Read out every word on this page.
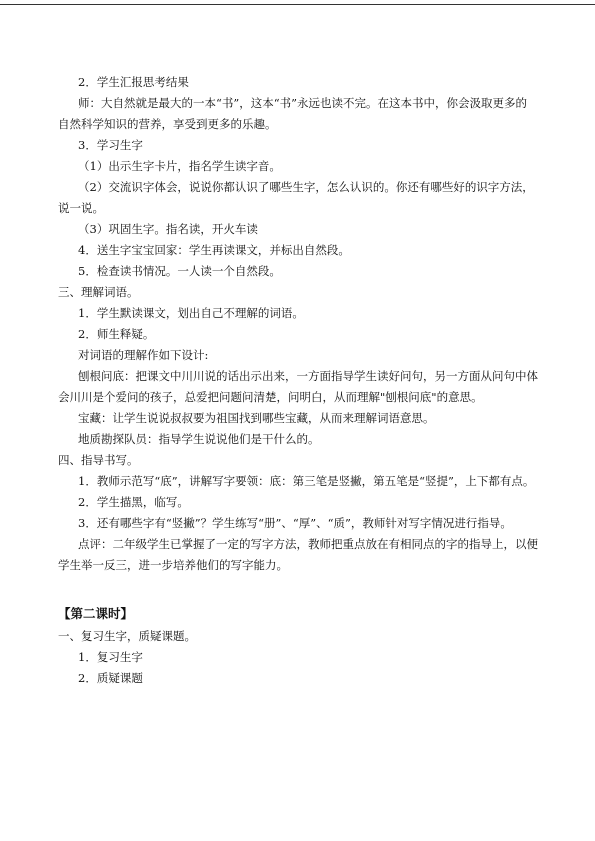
2．学生汇报思考结果

师：大自然就是最大的一本“书”，这本“书”永远也读不完。在这本书中，你会汲取更多的自然科学知识的营养，享受到更多的乐趣。

3．学习生字

（1）出示生字卡片，指名学生读字音。

（2）交流识字体会，说说你都认识了哪些生字，怎么认识的。你还有哪些好的识字方法，说一说。

（3）巩固生字。指名读，开火车读

4．送生字宝宝回家：学生再读课文，并标出自然段。

5．检查读书情况。一人读一个自然段。

三、理解词语。

1．学生默读课文，划出自己不理解的词语。

2．师生释疑。

对词语的理解作如下设计:

刨根问底：把课文中川川说的话出示出来，一方面指导学生读好问句，另一方面从问句中体会川川是个爱问的孩子，总爱把问题问清楚，问明白，从而理解"刨根问底"的意思。

宝藏：让学生说说叔叔要为祖国找到哪些宝藏，从而来理解词语意思。

地质勘探队员：指导学生说说他们是干什么的。

四、指导书写。

1．教师示范写“底”，讲解写字要领：底：第三笔是竖撇，第五笔是“竖提”，上下都有点。

2．学生描黑，临写。

3．还有哪些字有“竖撇”？学生练写“册”、“厚”、“质”，教师针对写字情况进行指导。

点评：二年级学生已掌握了一定的写字方法，教师把重点放在有相同点的字的指导上，以便学生举一反三，进一步培养他们的写字能力。

【第二课时】

一、复习生字，质疑课题。

1．复习生字

2．质疑课题
